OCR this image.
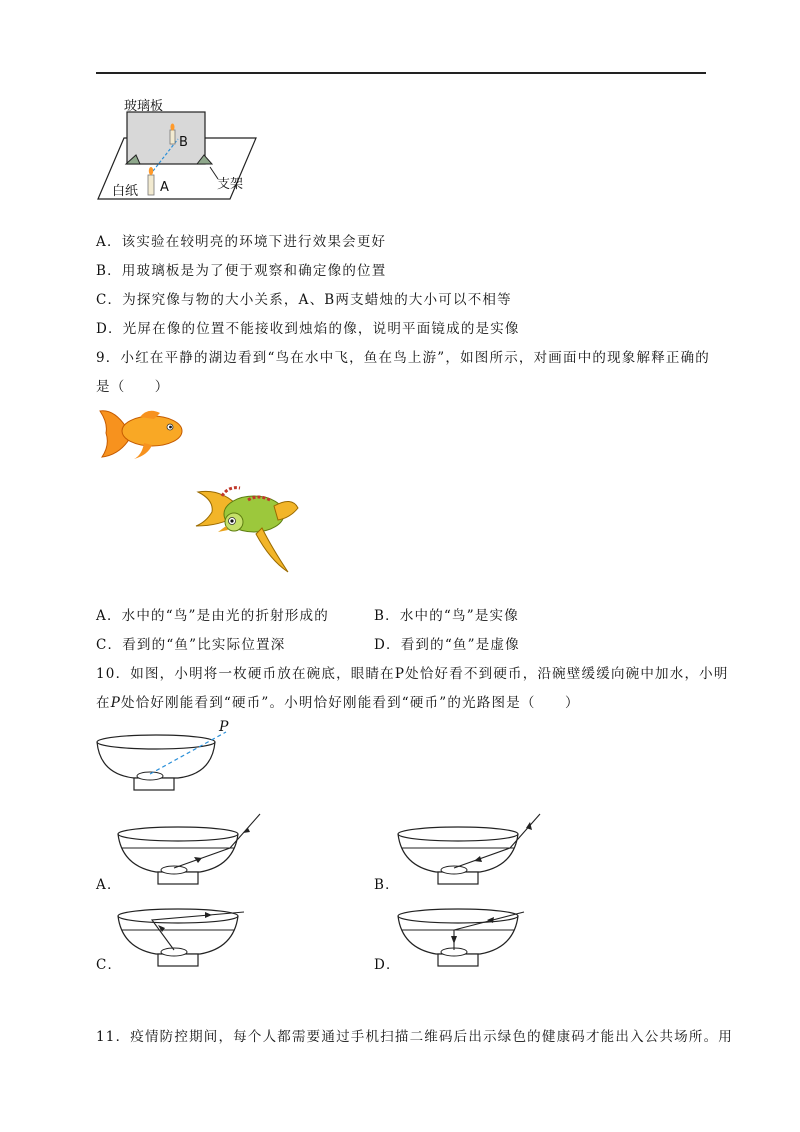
玻璃板
B
白纸 A	支架
A．该实验在较明亮的环境下进行效果会更好
B．用玻璃板是为了便于观察和确定像的位置
C．为探究像与物的大小关系，A、B两支蜡烛的大小可以不相等
D．光屏在像的位置不能接收到烛焰的像，说明平面镜成的是实像
9．小红在平静的湖边看到“鸟在水中飞，鱼在鸟上游”，如图所示，对画面中的现象解释正确的
是（　　）
A．水中的“鸟”是由光的折射形成的	B．水中的“鸟”是实像
C．看到的“鱼”比实际位置深	D．看到的“鱼”是虚像
10．如图，小明将一枚硬币放在碗底，眼睛在P处恰好看不到硬币，沿碗壁缓缓向碗中加水，小明
在P处恰好刚能看到“硬币”。小明恰好刚能看到“硬币”的光路图是（　　）
P
A．	B．
C．	D．
11．疫情防控期间，每个人都需要通过手机扫描二维码后出示绿色的健康码才能出入公共场所。用
